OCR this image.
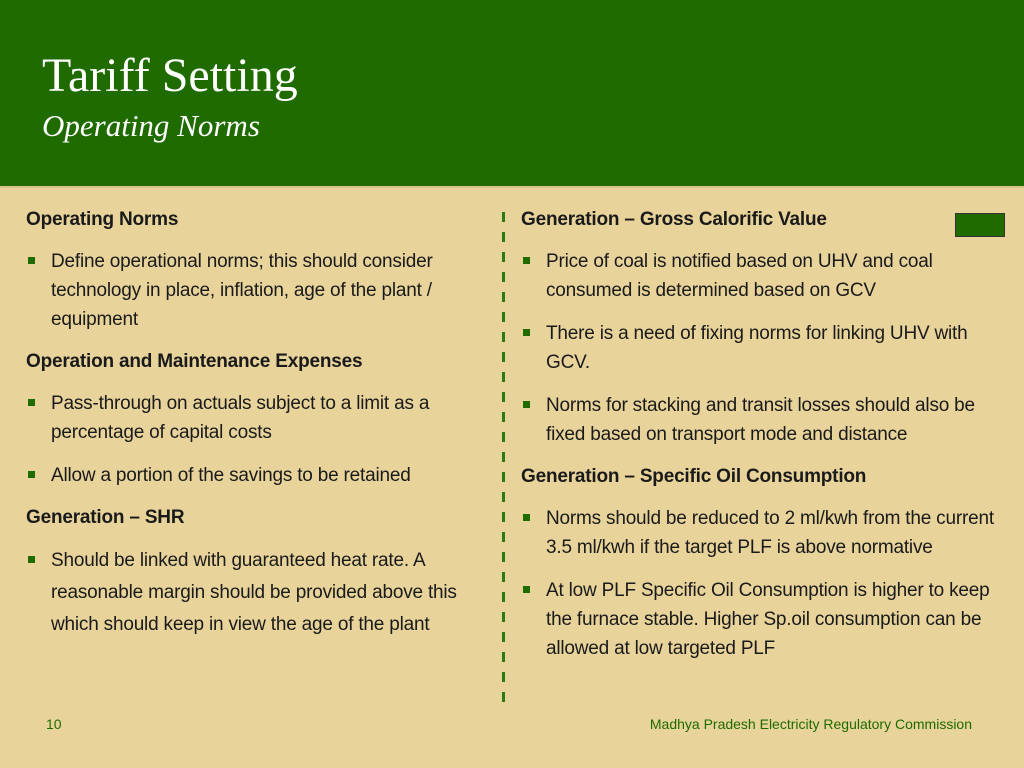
Tariff Setting
Operating Norms
Operating Norms
Define operational norms; this should consider technology in place, inflation, age of the plant / equipment
Operation and Maintenance Expenses
Pass-through on actuals subject to a limit as a percentage of capital costs
Allow a portion of the savings to be retained
Generation – SHR
Should be linked with guaranteed heat rate. A reasonable margin should be provided above this which should keep in view the age of the plant
Generation – Gross Calorific Value
Price of coal is notified based on UHV and coal consumed is determined based on GCV
There is a need of fixing norms for linking UHV with GCV.
Norms for stacking and transit losses should also be fixed based on transport mode and distance
Generation – Specific Oil Consumption
Norms should be reduced to 2 ml/kwh from the current 3.5 ml/kwh if the target PLF is above normative
At low PLF Specific Oil Consumption is higher to keep the furnace stable. Higher Sp.oil consumption can be allowed at low targeted PLF
10	Madhya Pradesh Electricity Regulatory Commission
